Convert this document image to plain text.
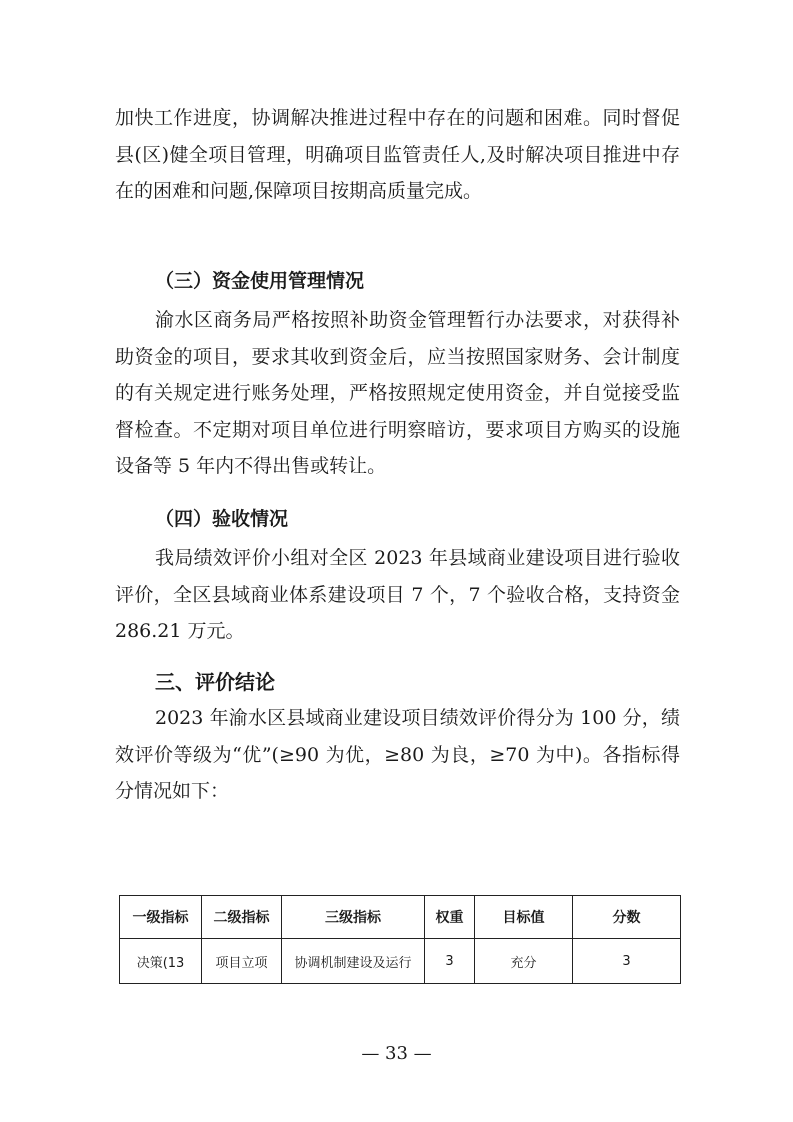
加快工作进度，协调解决推进过程中存在的问题和困难。同时督促县(区)健全项目管理，明确项目监管责任人,及时解决项目推进中存在的困难和问题,保障项目按期高质量完成。

（三）资金使用管理情况

渝水区商务局严格按照补助资金管理暂行办法要求，对获得补助资金的项目，要求其收到资金后，应当按照国家财务、会计制度的有关规定进行账务处理，严格按照规定使用资金，并自觉接受监督检查。不定期对项目单位进行明察暗访，要求项目方购买的设施设备等 5 年内不得出售或转让。

（四）验收情况

我局绩效评价小组对全区 2023 年县域商业建设项目进行验收评价，全区县域商业体系建设项目 7 个，7 个验收合格，支持资金 286.21 万元。

三、评价结论

2023 年渝水区县域商业建设项目绩效评价得分为 100 分，绩效评价等级为“优”(≥90 为优，≥80 为良，≥70 为中)。各指标得分情况如下：

一级指标	二级指标	三级指标	权重	目标值	分数
决策(13	项目立项	协调机制建设及运行	3	充分	3
— 33 —
